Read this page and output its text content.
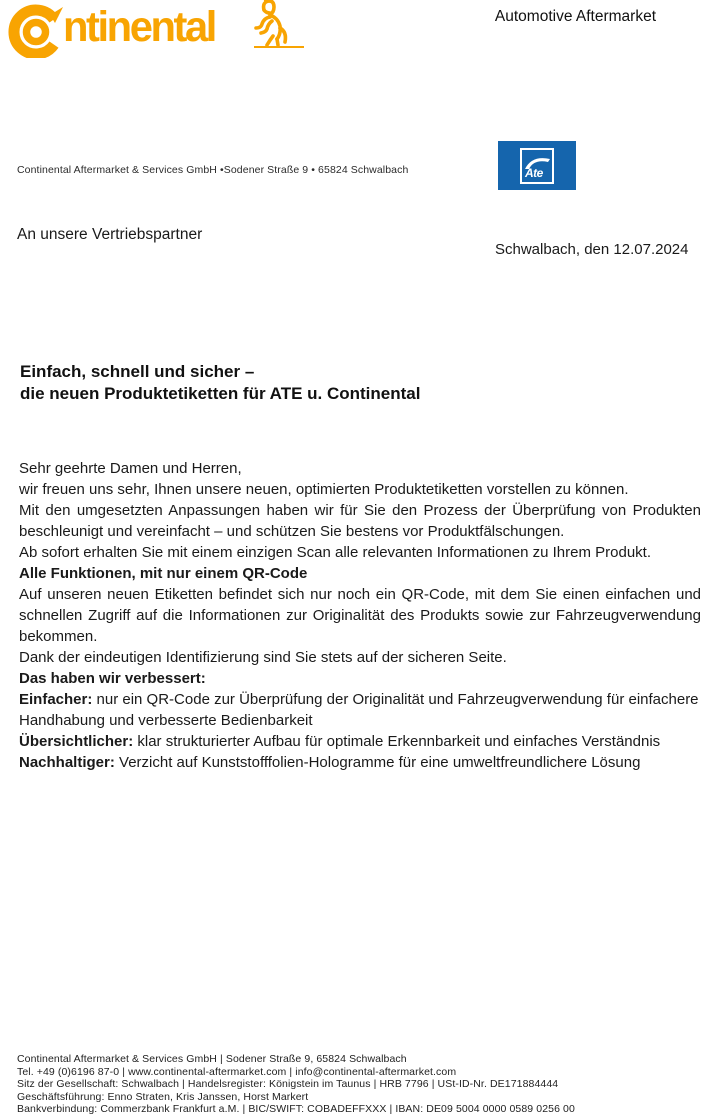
ntinental	Automotive Aftermarket
Continental Aftermarket & Services GmbH •Sodener Straße 9 • 65824 Schwalbach	Ate
An unsere Vertriebspartner
Schwalbach, den 12.07.2024
Einfach, schnell und sicher –
die neuen Produktetiketten für ATE u. Continental

Sehr geehrte Damen und Herren,

wir freuen uns sehr, Ihnen unsere neuen, optimierten Produktetiketten vorstellen zu können.

Mit den umgesetzten Anpassungen haben wir für Sie den Prozess der Überprüfung von Produkten beschleunigt und vereinfacht – und schützen Sie bestens vor Produktfälschungen.

Ab sofort erhalten Sie mit einem einzigen Scan alle relevanten Informationen zu Ihrem Produkt.

Alle Funktionen, mit nur einem QR-Code

Auf unseren neuen Etiketten befindet sich nur noch ein QR-Code, mit dem Sie einen einfachen und schnellen Zugriff auf die Informationen zur Originalität des Produkts sowie zur Fahrzeugverwendung bekommen.

Dank der eindeutigen Identifizierung sind Sie stets auf der sicheren Seite.

Das haben wir verbessert:

Einfacher: nur ein QR-Code zur Überprüfung der Originalität und Fahrzeugverwendung für einfachere Handhabung und verbesserte Bedienbarkeit

Übersichtlicher: klar strukturierter Aufbau für optimale Erkennbarkeit und einfaches Verständnis

Nachhaltiger: Verzicht auf Kunststofffolien-Hologramme für eine umweltfreundlichere Lösung

Continental Aftermarket & Services GmbH | Sodener Straße 9, 65824 Schwalbach
Tel. +49 (0)6196 87-0 | www.continental-aftermarket.com | info@continental-aftermarket.com
Sitz der Gesellschaft: Schwalbach | Handelsregister: Königstein im Taunus | HRB 7796 | USt-ID-Nr. DE171884444
Geschäftsführung: Enno Straten, Kris Janssen, Horst Markert
Bankverbindung: Commerzbank Frankfurt a.M. | BIC/SWIFT: COBADEFFXXX | IBAN: DE09 5004 0000 0589 0256 00
